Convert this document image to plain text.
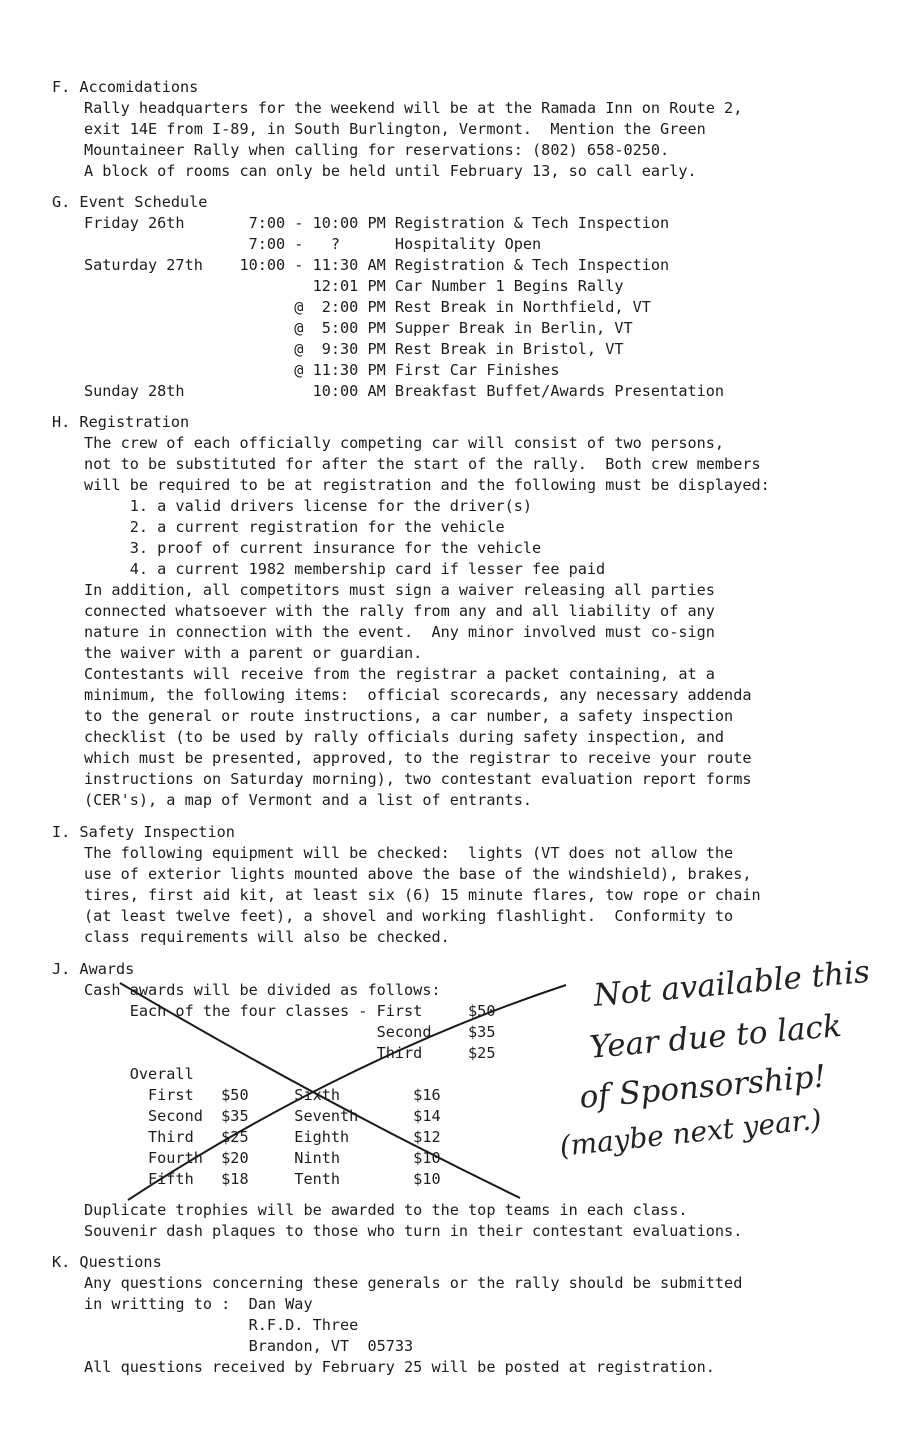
F. Accomidations
Rally headquarters for the weekend will be at the Ramada Inn on Route 2,
exit 14E from I-89, in South Burlington, Vermont.  Mention the Green
Mountaineer Rally when calling for reservations: (802) 658-0250.
A block of rooms can only be held until February 13, so call early.
G. Event Schedule
Friday 26th       7:00 - 10:00 PM Registration & Tech Inspection
7:00 -   ?      Hospitality Open
Saturday 27th    10:00 - 11:30 AM Registration & Tech Inspection
12:01 PM Car Number 1 Begins Rally
@  2:00 PM Rest Break in Northfield, VT
@  5:00 PM Supper Break in Berlin, VT
@  9:30 PM Rest Break in Bristol, VT
@ 11:30 PM First Car Finishes
Sunday 28th              10:00 AM Breakfast Buffet/Awards Presentation
H. Registration
The crew of each officially competing car will consist of two persons,
not to be substituted for after the start of the rally.  Both crew members
will be required to be at registration and the following must be displayed:
1. a valid drivers license for the driver(s)
2. a current registration for the vehicle
3. proof of current insurance for the vehicle
4. a current 1982 membership card if lesser fee paid
In addition, all competitors must sign a waiver releasing all parties
connected whatsoever with the rally from any and all liability of any
nature in connection with the event.  Any minor involved must co-sign
the waiver with a parent or guardian.
Contestants will receive from the registrar a packet containing, at a
minimum, the following items:  official scorecards, any necessary addenda
to the general or route instructions, a car number, a safety inspection
checklist (to be used by rally officials during safety inspection, and
which must be presented, approved, to the registrar to receive your route
instructions on Saturday morning), two contestant evaluation report forms
(CER's), a map of Vermont and a list of entrants.
I. Safety Inspection
The following equipment will be checked:  lights (VT does not allow the
use of exterior lights mounted above the base of the windshield), brakes,
tires, first aid kit, at least six (6) 15 minute flares, tow rope or chain
(at least twelve feet), a shovel and working flashlight.  Conformity to
class requirements will also be checked.
J. Awards
Cash awards will be divided as follows:
Each of the four classes - First     $50
Second    $35
Third     $25
Overall
First   $50     Sixth        $16
Second  $35     Seventh      $14
Third   $25     Eighth       $12
Fourth  $20     Ninth        $10
Fifth   $18     Tenth        $10
Duplicate trophies will be awarded to the top teams in each class.
Souvenir dash plaques to those who turn in their contestant evaluations.
Not available this
Year due to lack
of Sponsorship!
(maybe next year.)
K. Questions
Any questions concerning these generals or the rally should be submitted
in writting to :  Dan Way
R.F.D. Three
Brandon, VT  05733
All questions received by February 25 will be posted at registration.
